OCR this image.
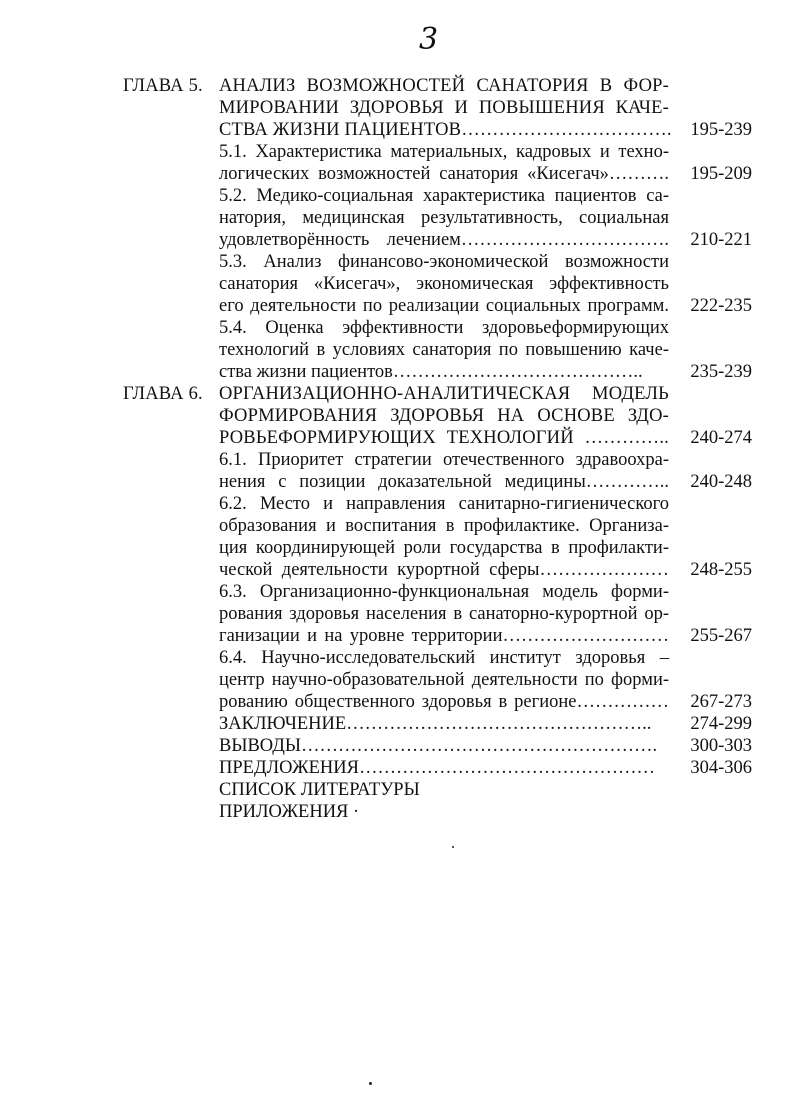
3
ГЛАВА 5. АНАЛИЗ ВОЗМОЖНОСТЕЙ САНАТОРИЯ В ФОР-
МИРОВАНИИ ЗДОРОВЬЯ И ПОВЫШЕНИЯ КАЧЕ-
СТВА ЖИЗНИ ПАЦИЕНТОВ…………………………….	195-239
5.1. Характеристика материальных, кадровых и техно-
логических возможностей санатория «Кисегач»……….	195-209
5.2. Медико-социальная характеристика пациентов са-
натория, медицинская результативность, социальная
удовлетворённость лечением…………………………….	210-221
5.3. Анализ финансово-экономической возможности
санатория «Кисегач», экономическая эффективность
его деятельности по реализации социальных программ.	222-235
5.4. Оценка эффективности здоровьеформирующих
технологий в условиях санатория по повышению каче-
ства жизни пациентов…………………………………..	235-239
ГЛАВА 6. ОРГАНИЗАЦИОННО-АНАЛИТИЧЕСКАЯ МОДЕЛЬ
ФОРМИРОВАНИЯ ЗДОРОВЬЯ НА ОСНОВЕ ЗДО-
РОВЬЕФОРМИРУЮЩИХ ТЕХНОЛОГИЙ …………..	240-274
6.1. Приоритет стратегии отечественного здравоохра-
нения с позиции доказательной медицины…………..	240-248
6.2. Место и направления санитарно-гигиенического
образования и воспитания в профилактике. Организа-
ция координирующей роли государства в профилакти-
ческой деятельности курортной сферы…………………	248-255
6.3. Организационно-функциональная модель форми-
рования здоровья населения в санаторно-курортной ор-
ганизации и на уровне территории………………………	255-267
6.4. Научно-исследовательский институт здоровья –
центр научно-образовательной деятельности по форми-
рованию общественного здоровья в регионе……………	267-273
ЗАКЛЮЧЕНИЕ…………………………………………..	274-299
ВЫВОДЫ………………………………………………….	300-303
ПРЕДЛОЖЕНИЯ…………………………………………	304-306
СПИСОК ЛИТЕРАТУРЫ
ПРИЛОЖЕНИЯ ·
